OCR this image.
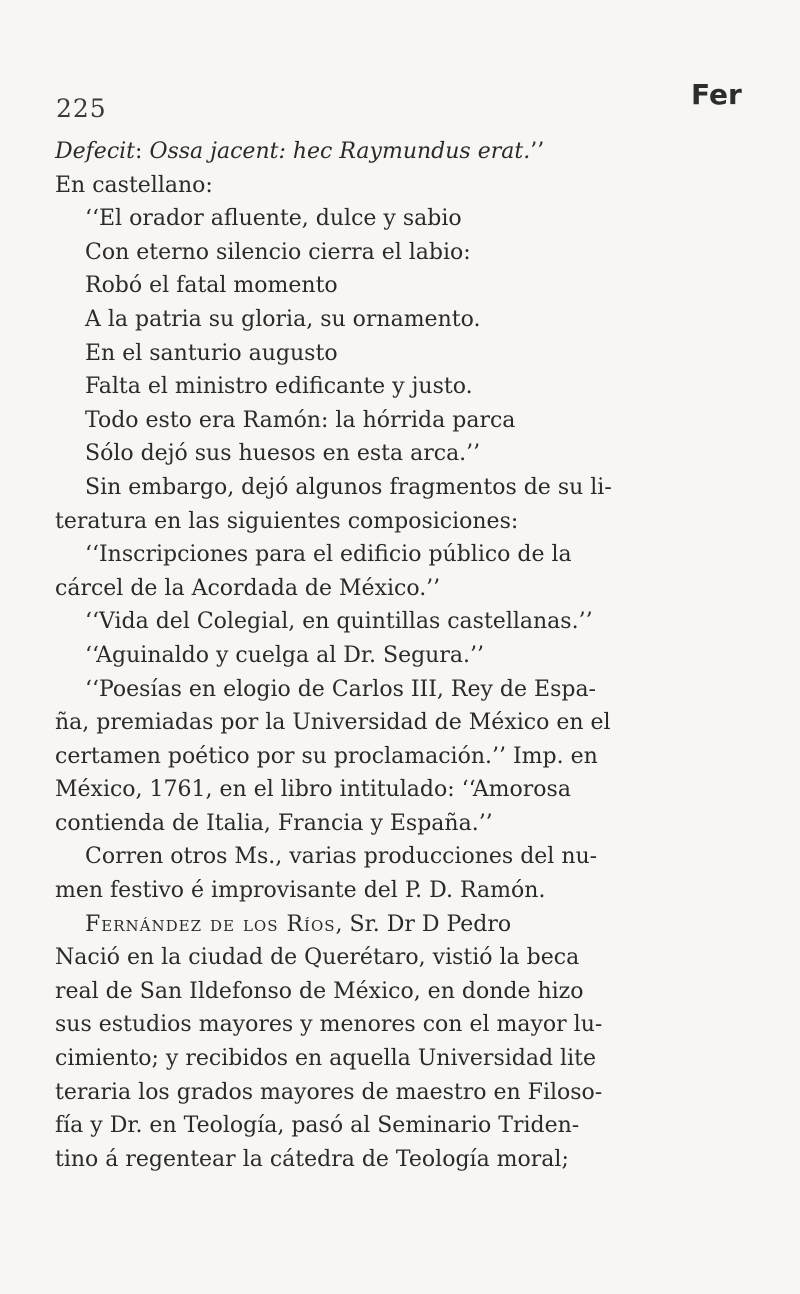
225	Fer
Defecit: Ossa jacent: hec Raymundus erat.’’
En castellano:
‘‘El orador afluente, dulce y sabio
Con eterno silencio cierra el labio:
Robó el fatal momento
A la patria su gloria, su ornamento.
En el santurio augusto
Falta el ministro edificante y justo.
Todo esto era Ramón: la hórrida parca
Sólo dejó sus huesos en esta arca.’’
Sin embargo, dejó algunos fragmentos de su li-
teratura en las siguientes composiciones:
‘‘Inscripciones para el edificio público de la
cárcel de la Acordada de México.’’
‘‘Vida del Colegial, en quintillas castellanas.’’
‘‘Aguinaldo y cuelga al Dr. Segura.’’
‘‘Poesías en elogio de Carlos III, Rey de Espa-
ña, premiadas por la Universidad de México en el
certamen poético por su proclamación.’’ Imp. en
México, 1761, en el libro intitulado: ‘‘Amorosa
contienda de Italia, Francia y España.’’
Corren otros Ms., varias producciones del nu-
men festivo é improvisante del P. D. Ramón.
Fernández de los Ríos, Sr. Dr D Pedro
Nació en la ciudad de Querétaro, vistió la beca
real de San Ildefonso de México, en donde hizo
sus estudios mayores y menores con el mayor lu-
cimiento; y recibidos en aquella Universidad lite
teraria los grados mayores de maestro en Filoso-
fía y Dr. en Teología, pasó al Seminario Triden-
tino á regentear la cátedra de Teología moral;
